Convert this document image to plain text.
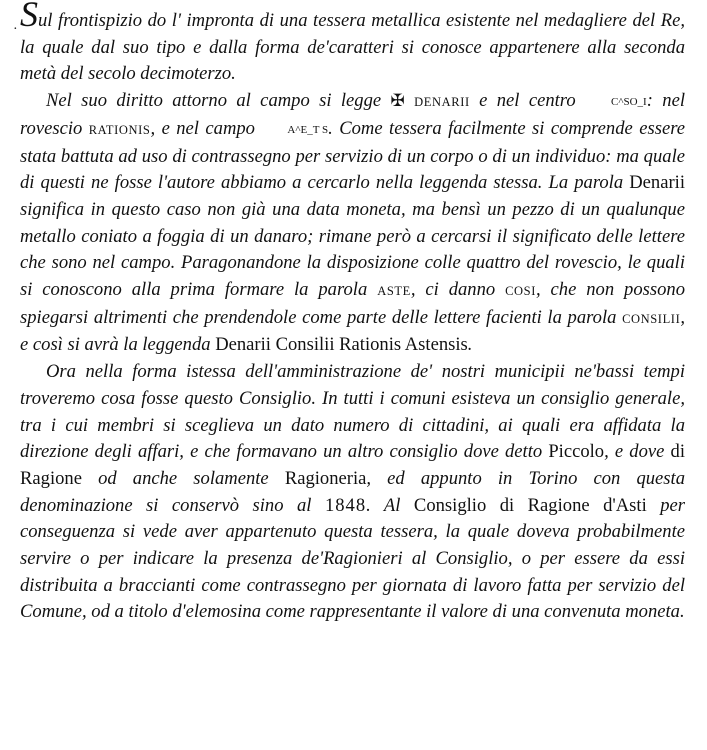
· Sul frontispizio do l' impronta di una tessera metallica esistente nel medagliere del Re, la quale dal suo tipo e dalla forma de'caratteri si conosce appartenere alla seconda metà del secolo decimoterzo.

Nel suo diritto attorno al campo si legge ✠ DENARII e nel centro C^SO_I: nel rovescio RATIONIS, e nel campo A^E_T S. Come tessera facilmente si comprende essere stata battuta ad uso di contrassegno per servizio di un corpo o di un individuo: ma quale di questi ne fosse l'autore abbiamo a cercarlo nella leggenda stessa. La parola Denarii significa in questo caso non già una data moneta, ma bensì un pezzo di un qualunque metallo coniato a foggia di un danaro; rimane però a cercarsi il significato delle lettere che sono nel campo. Paragonandone la disposizione colle quattro del rovescio, le quali si conoscono alla prima formare la parola ASTE, ci danno COSI, che non possono spiegarsi altrimenti che prendendole come parte delle lettere facienti la parola CONSILII, e così si avrà la leggenda Denarii Consilii Rationis Astensis.

Ora nella forma istessa dell'amministrazione de' nostri municipii ne'bassi tempi troveremo cosa fosse questo Consiglio. In tutti i comuni esisteva un consiglio generale, tra i cui membri si sceglieva un dato numero di cittadini, ai quali era affidata la direzione degli affari, e che formavano un altro consiglio dove detto Piccolo, e dove di Ragione od anche solamente Ragioneria, ed appunto in Torino con questa denominazione si conservò sino al 1848. Al Consiglio di Ragione d'Asti per conseguenza si vede aver appartenuto questa tessera, la quale doveva probabilmente servire o per indicare la presenza de'Ragionieri al Consiglio, o per essere da essi distribuita a braccianti come contrassegno per giornata di lavoro fatta per servizio del Comune, od a titolo d'elemosina come rappresentante il valore di una convenuta moneta.
